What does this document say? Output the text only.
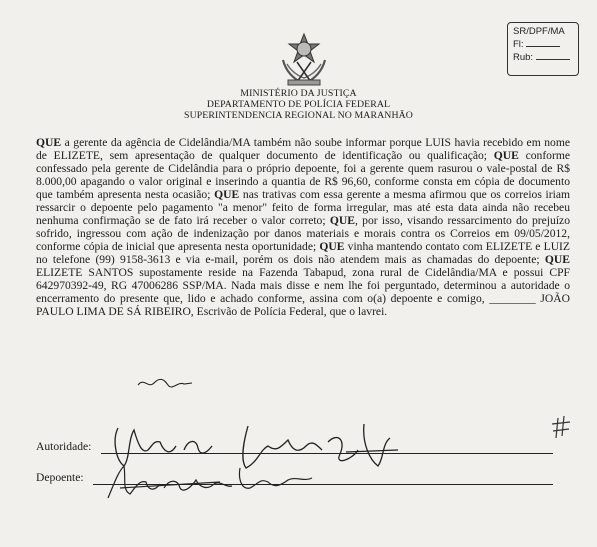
SR/DPF/MA
Fl:
Rub:
MINISTÉRIO DA JUSTIÇA
DEPARTAMENTO DE POLÍCIA FEDERAL
SUPERINTENDENCIA REGIONAL NO MARANHÃO
QUE a gerente da agência de Cidelândia/MA também não soube informar porque LUIS havia recebido em nome de ELIZETE, sem apresentação de qualquer documento de identificação ou qualificação; QUE conforme confessado pela gerente de Cidelândia para o próprio depoente, foi a gerente quem rasurou o vale-postal de R$ 8.000,00 apagando o valor original e inserindo a quantia de R$ 96,60, conforme consta em cópia de documento que também apresenta nesta ocasião; QUE nas trativas com essa gerente a mesma afirmou que os correios iriam ressarcir o depoente pelo pagamento "a menor" feito de forma irregular, mas até esta data ainda não recebeu nenhuma confirmação se de fato irá receber o valor correto; QUE, por isso, visando ressarcimento do prejuízo sofrido, ingressou com ação de indenização por danos materiais e morais contra os Correios em 09/05/2012, conforme cópia de inicial que apresenta nesta oportunidade; QUE vinha mantendo contato com ELIZETE e LUIZ no telefone (99) 9158-3613 e via e-mail, porém os dois não atendem mais as chamadas do depoente; QUE ELIZETE SANTOS supostamente reside na Fazenda Tabapud, zona rural de Cidelândia/MA e possui CPF 642970392-49, RG 47006286 SSP/MA. Nada mais disse e nem lhe foi perguntado, determinou a autoridade o encerramento do presente que, lido e achado conforme, assina com o(a) depoente e comigo, ________ JOÃO PAULO LIMA DE SÁ RIBEIRO, Escrivão de Polícia Federal, que o lavrei.
Autoridade:
Depoente:
